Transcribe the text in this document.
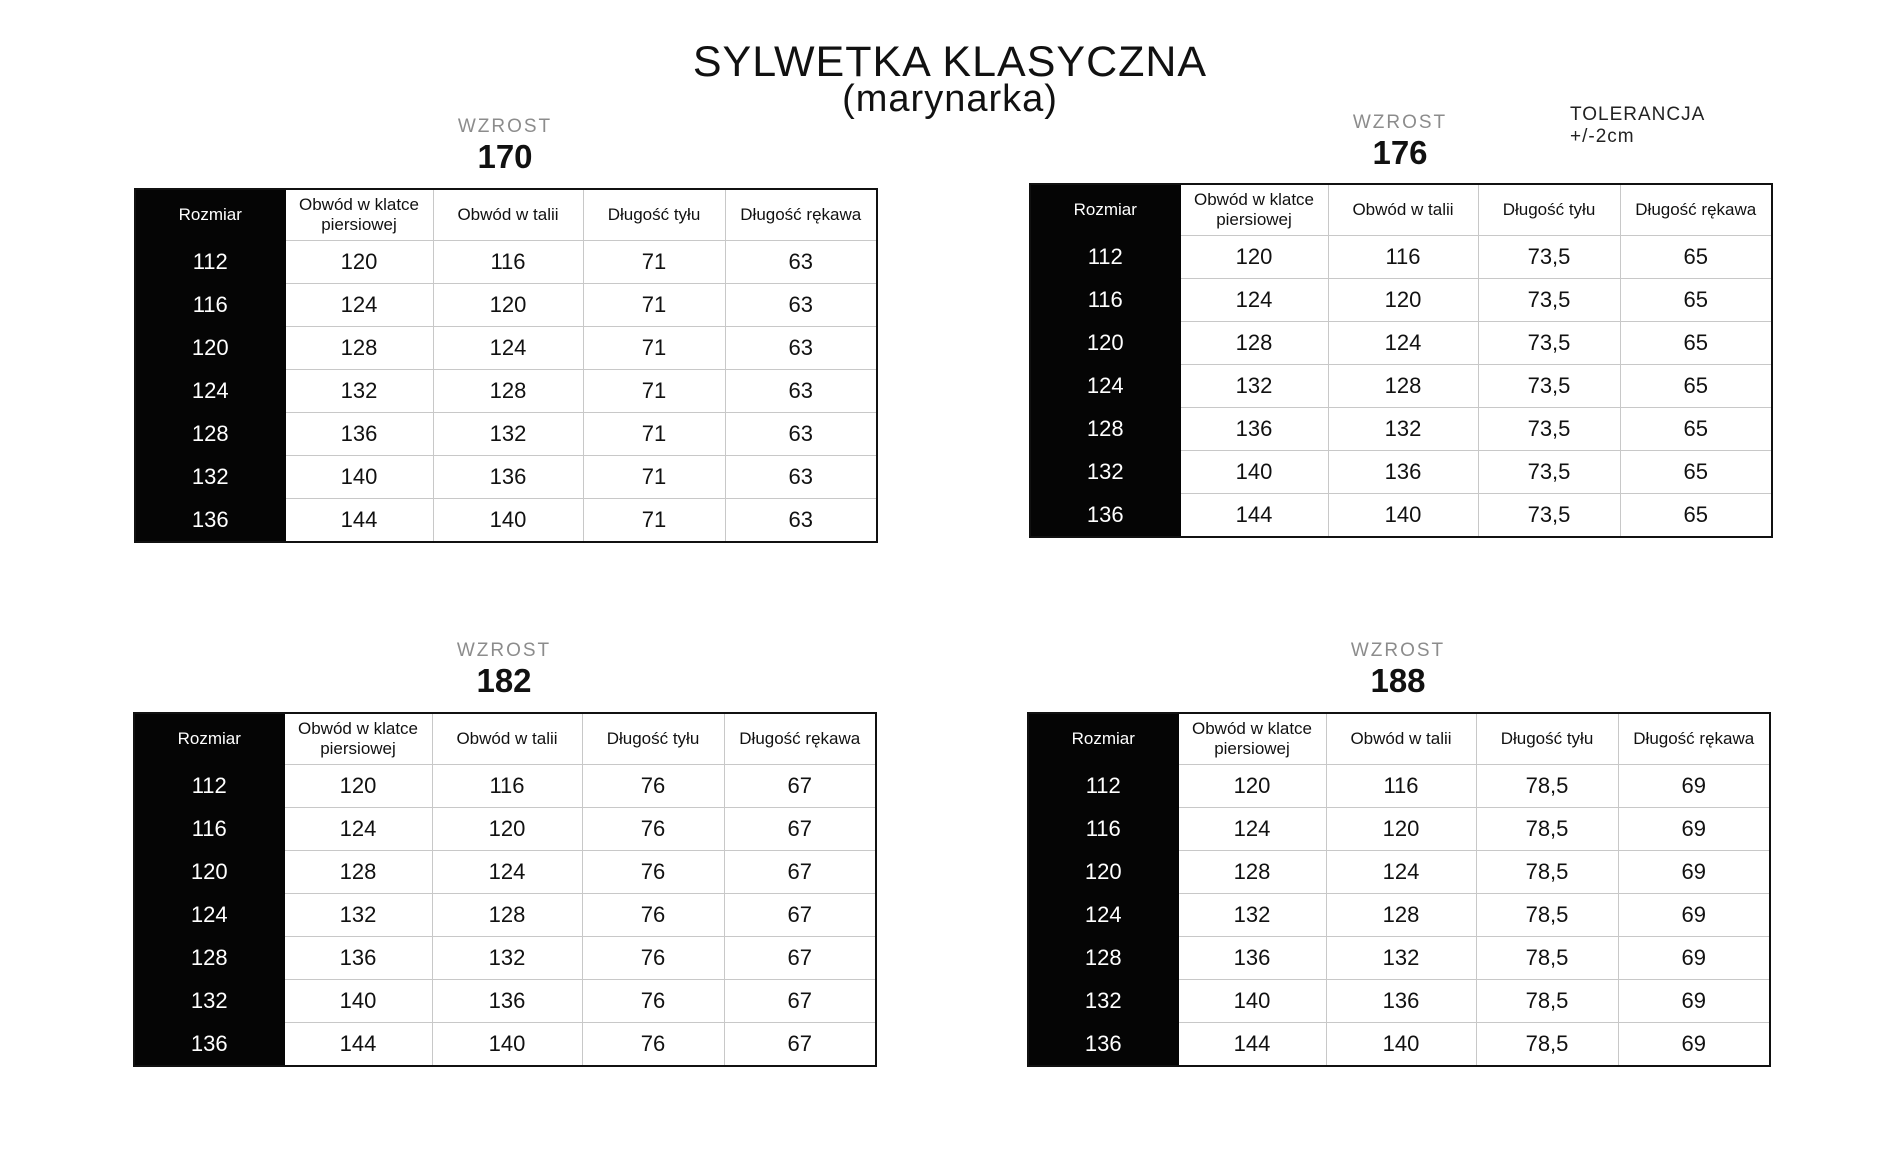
SYLWETKA KLASYCZNA
(marynarka)	TOLERANCJA +/-2cm
WZROST
170
Rozmiar	Obwód w klatce piersiowej	Obwód w talii	Długość tyłu	Długość rękawa
112	120	116	71	63
116	124	120	71	63
120	128	124	71	63
124	132	128	71	63
128	136	132	71	63
132	140	136	71	63
136	144	140	71	63
WZROST
176
Rozmiar	Obwód w klatce piersiowej	Obwód w talii	Długość tyłu	Długość rękawa
112	120	116	73,5	65
116	124	120	73,5	65
120	128	124	73,5	65
124	132	128	73,5	65
128	136	132	73,5	65
132	140	136	73,5	65
136	144	140	73,5	65
WZROST
182
Rozmiar	Obwód w klatce piersiowej	Obwód w talii	Długość tyłu	Długość rękawa
112	120	116	76	67
116	124	120	76	67
120	128	124	76	67
124	132	128	76	67
128	136	132	76	67
132	140	136	76	67
136	144	140	76	67
WZROST
188
Rozmiar	Obwód w klatce piersiowej	Obwód w talii	Długość tyłu	Długość rękawa
112	120	116	78,5	69
116	124	120	78,5	69
120	128	124	78,5	69
124	132	128	78,5	69
128	136	132	78,5	69
132	140	136	78,5	69
136	144	140	78,5	69
